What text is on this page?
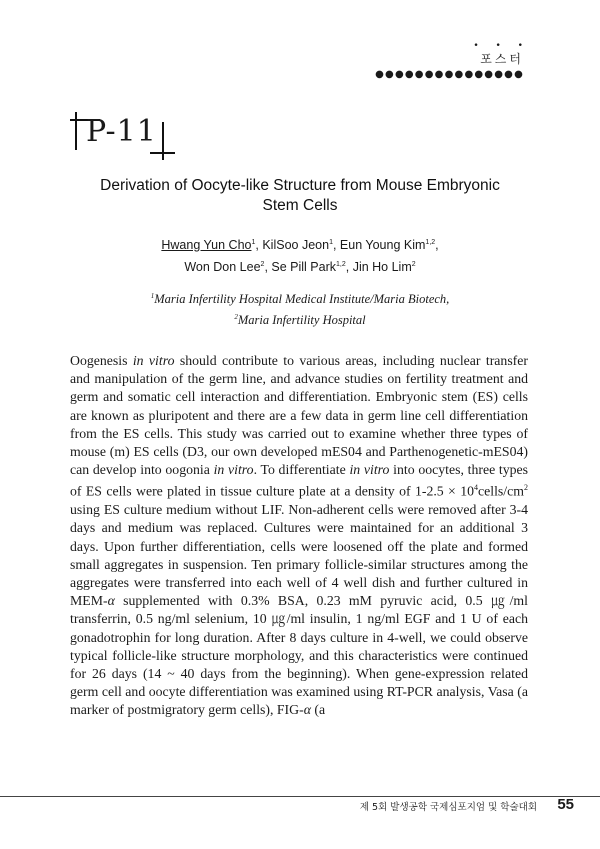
• • •
포스터
●●●●●●●●●●●●●●●
P-11
Derivation of Oocyte-like Structure from Mouse Embryonic
Stem Cells
Hwang Yun Cho$^1$, KilSoo Jeon$^1$, Eun Young Kim$^{1,2}$,
Won Don Lee$^2$, Se Pill Park$^{1,2}$, Jin Ho Lim$^2$
$^1$Maria Infertility Hospital Medical Institute/Maria Biotech,
$^2$Maria Infertility Hospital

Oogenesis in vitro should contribute to various areas, including nuclear transfer and manipulation of the germ line, and advance studies on fertility treatment and germ and somatic cell interaction and differentiation. Embryonic stem (ES) cells are known as pluripotent and there are a few data in germ line cell differentiation from the ES cells. This study was carried out to examine whether three types of mouse (m) ES cells (D3, our own developed mES04 and Parthenogenetic-mES04) can develop into oogonia in vitro. To differentiate in vitro into oocytes, three types of ES cells were plated in tissue culture plate at a density of $1-2.5 \times 10^4cells/cm^2$ using ES culture medium without LIF. Non-adherent cells were removed after 3-4 days and medium was replaced. Cultures were maintained for an additional 3 days. Upon further differentiation, cells were loosened off the plate and formed small aggregates in suspension. Ten primary follicle-similar structures among the aggregates were transferred into each well of 4 well dish and further cultured in MEM-α supplemented with 0.3% BSA, 0.23 mM pyruvic acid, 0.5 ㎍/ml transferrin, 0.5 ng/ml selenium, 10 ㎍/ml insulin, 1 ng/ml EGF and 1 U of each gonadotrophin for long duration. After 8 days culture in 4-well, we could observe typical follicle-like structure morphology, and this characteristics were continued for 26 days (14 ~ 40 days from the beginning). When gene-expression related germ cell and oocyte differentiation was examined using RT-PCR analysis, Vasa (a marker of postmigratory germ cells), FIG-α (a

제 5회 발생공학 국제심포지엄 및 학술대회 55
